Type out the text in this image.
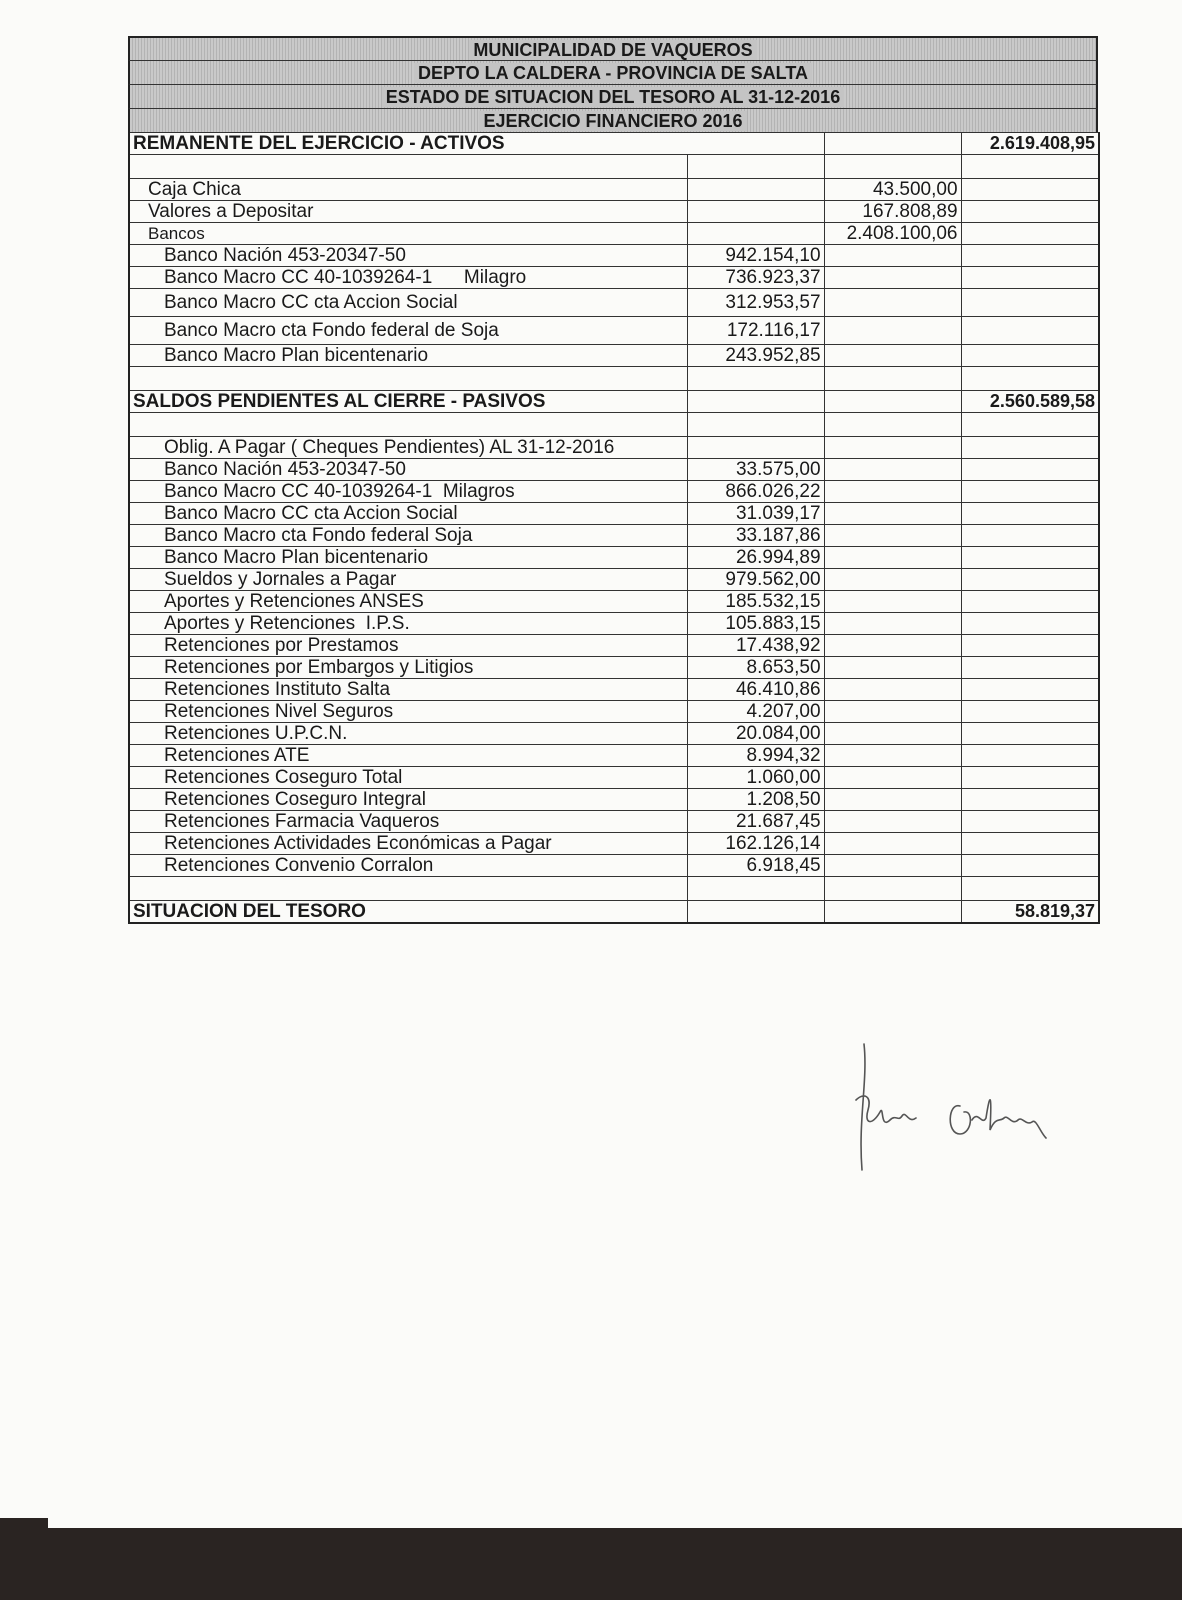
MUNICIPALIDAD DE VAQUEROS
DEPTO LA CALDERA - PROVINCIA DE SALTA
ESTADO DE SITUACION DEL TESORO AL 31-12-2016
EJERCICIO FINANCIERO 2016
REMANENTE DEL EJERCICIO - ACTIVOS			2.619.408,95

Caja Chica		43.500,00	
Valores a Depositar		167.808,89	
Bancos		2.408.100,06	
Banco Nación 453-20347-50	942.154,10		
Banco Macro CC 40-1039264-1      Milagro	736.923,37		
Banco Macro CC cta Accion Social	312.953,57		
Banco Macro cta Fondo federal de Soja	172.116,17		
Banco Macro Plan bicentenario	243.952,85		

SALDOS PENDIENTES AL CIERRE - PASIVOS			2.560.589,58

Oblig. A Pagar ( Cheques Pendientes) AL 31-12-2016			
Banco Nación 453-20347-50	33.575,00		
Banco Macro CC 40-1039264-1  Milagros	866.026,22		
Banco Macro CC cta Accion Social	31.039,17		
Banco Macro cta Fondo federal Soja	33.187,86		
Banco Macro Plan bicentenario	26.994,89		
Sueldos y Jornales a Pagar	979.562,00		
Aportes y Retenciones ANSES	185.532,15		
Aportes y Retenciones  I.P.S.	105.883,15		
Retenciones por Prestamos	17.438,92		
Retenciones por Embargos y Litigios	8.653,50		
Retenciones Instituto Salta	46.410,86		
Retenciones Nivel Seguros	4.207,00		
Retenciones U.P.C.N.	20.084,00		
Retenciones ATE	8.994,32		
Retenciones Coseguro Total	1.060,00		
Retenciones Coseguro Integral	1.208,50		
Retenciones Farmacia Vaqueros	21.687,45		
Retenciones Actividades Económicas a Pagar	162.126,14		
Retenciones Convenio Corralon	6.918,45		

SITUACION DEL TESORO			58.819,37
